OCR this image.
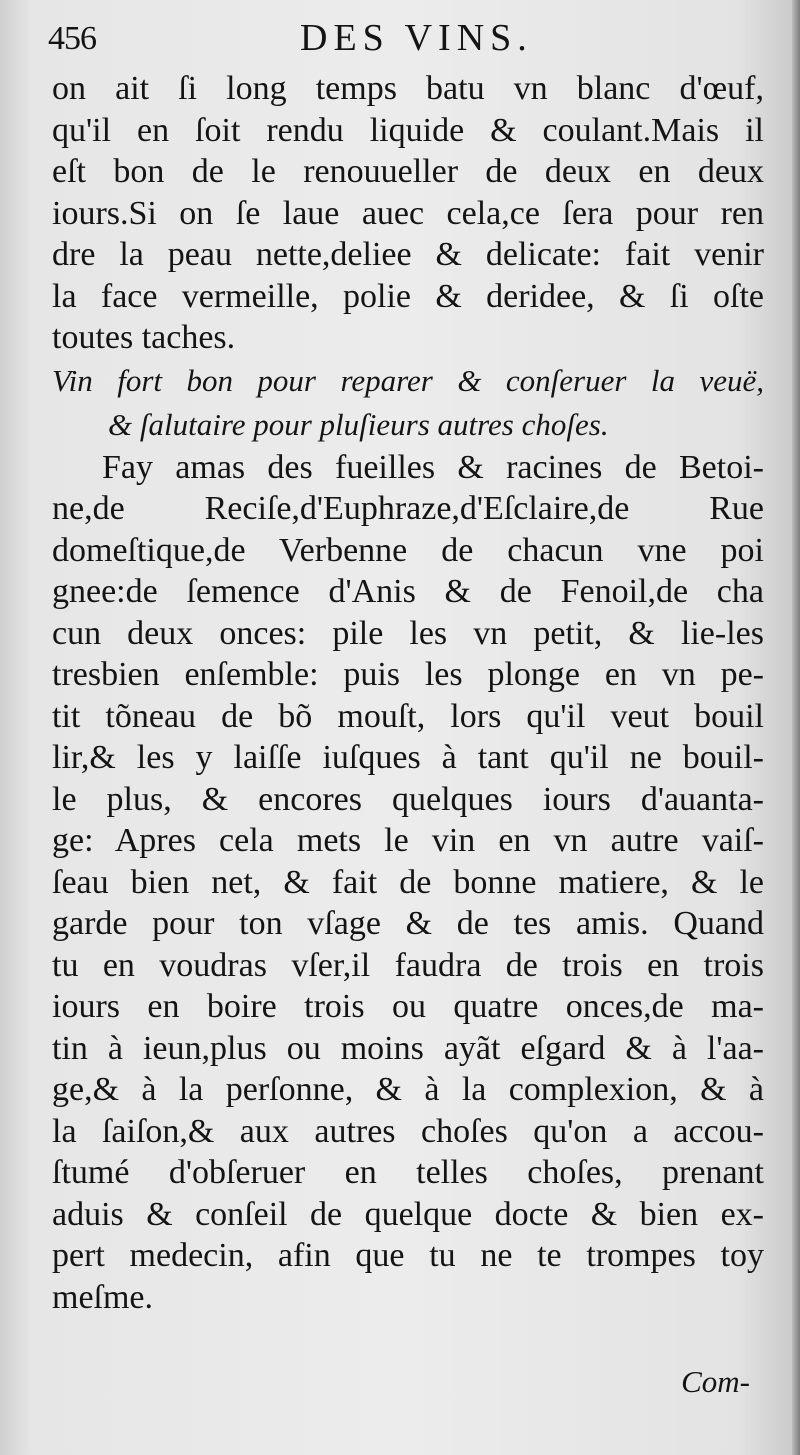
456	DES VINS.
on ait ſi long temps batu vn blanc d'œuf,
qu'il en ſoit rendu liquide & coulant.Mais il
eſt bon de le renouueller de deux en deux
iours.Si on ſe laue auec cela,ce ſera pour ren
dre la peau nette,deliee & delicate: fait venir
la face vermeille, polie & deridee, & ſi oſte
toutes taches.
Vin fort bon pour reparer & conſeruer la veuë,
& ſalutaire pour pluſieurs autres choſes.
Fay amas des fueilles & racines de Betoi-
ne,de Reciſe,d'Euphraze,d'Eſclaire,de Rue
domeſtique,de Verbenne de chacun vne poi
gnee:de ſemence d'Anis & de Fenoil,de cha
cun deux onces: pile les vn petit, & lie-les
tresbien enſemble: puis les plonge en vn pe-
tit tõneau de bõ mouſt, lors qu'il veut bouil
lir,& les y laiſſe iuſques à tant qu'il ne bouil-
le plus, & encores quelques iours d'auanta-
ge: Apres cela mets le vin en vn autre vaiſ-
ſeau bien net, & fait de bonne matiere, & le
garde pour ton vſage & de tes amis. Quand
tu en voudras vſer,il faudra de trois en trois
iours en boire trois ou quatre onces,de ma-
tin à ieun,plus ou moins ayãt eſgard & à l'aa-
ge,& à la perſonne, & à la complexion, & à
la ſaiſon,& aux autres choſes qu'on a accou-
ſtumé d'obſeruer en telles choſes, prenant
aduis & conſeil de quelque docte & bien ex-
pert medecin, afin que tu ne te trompes toy
meſme.
Com-
